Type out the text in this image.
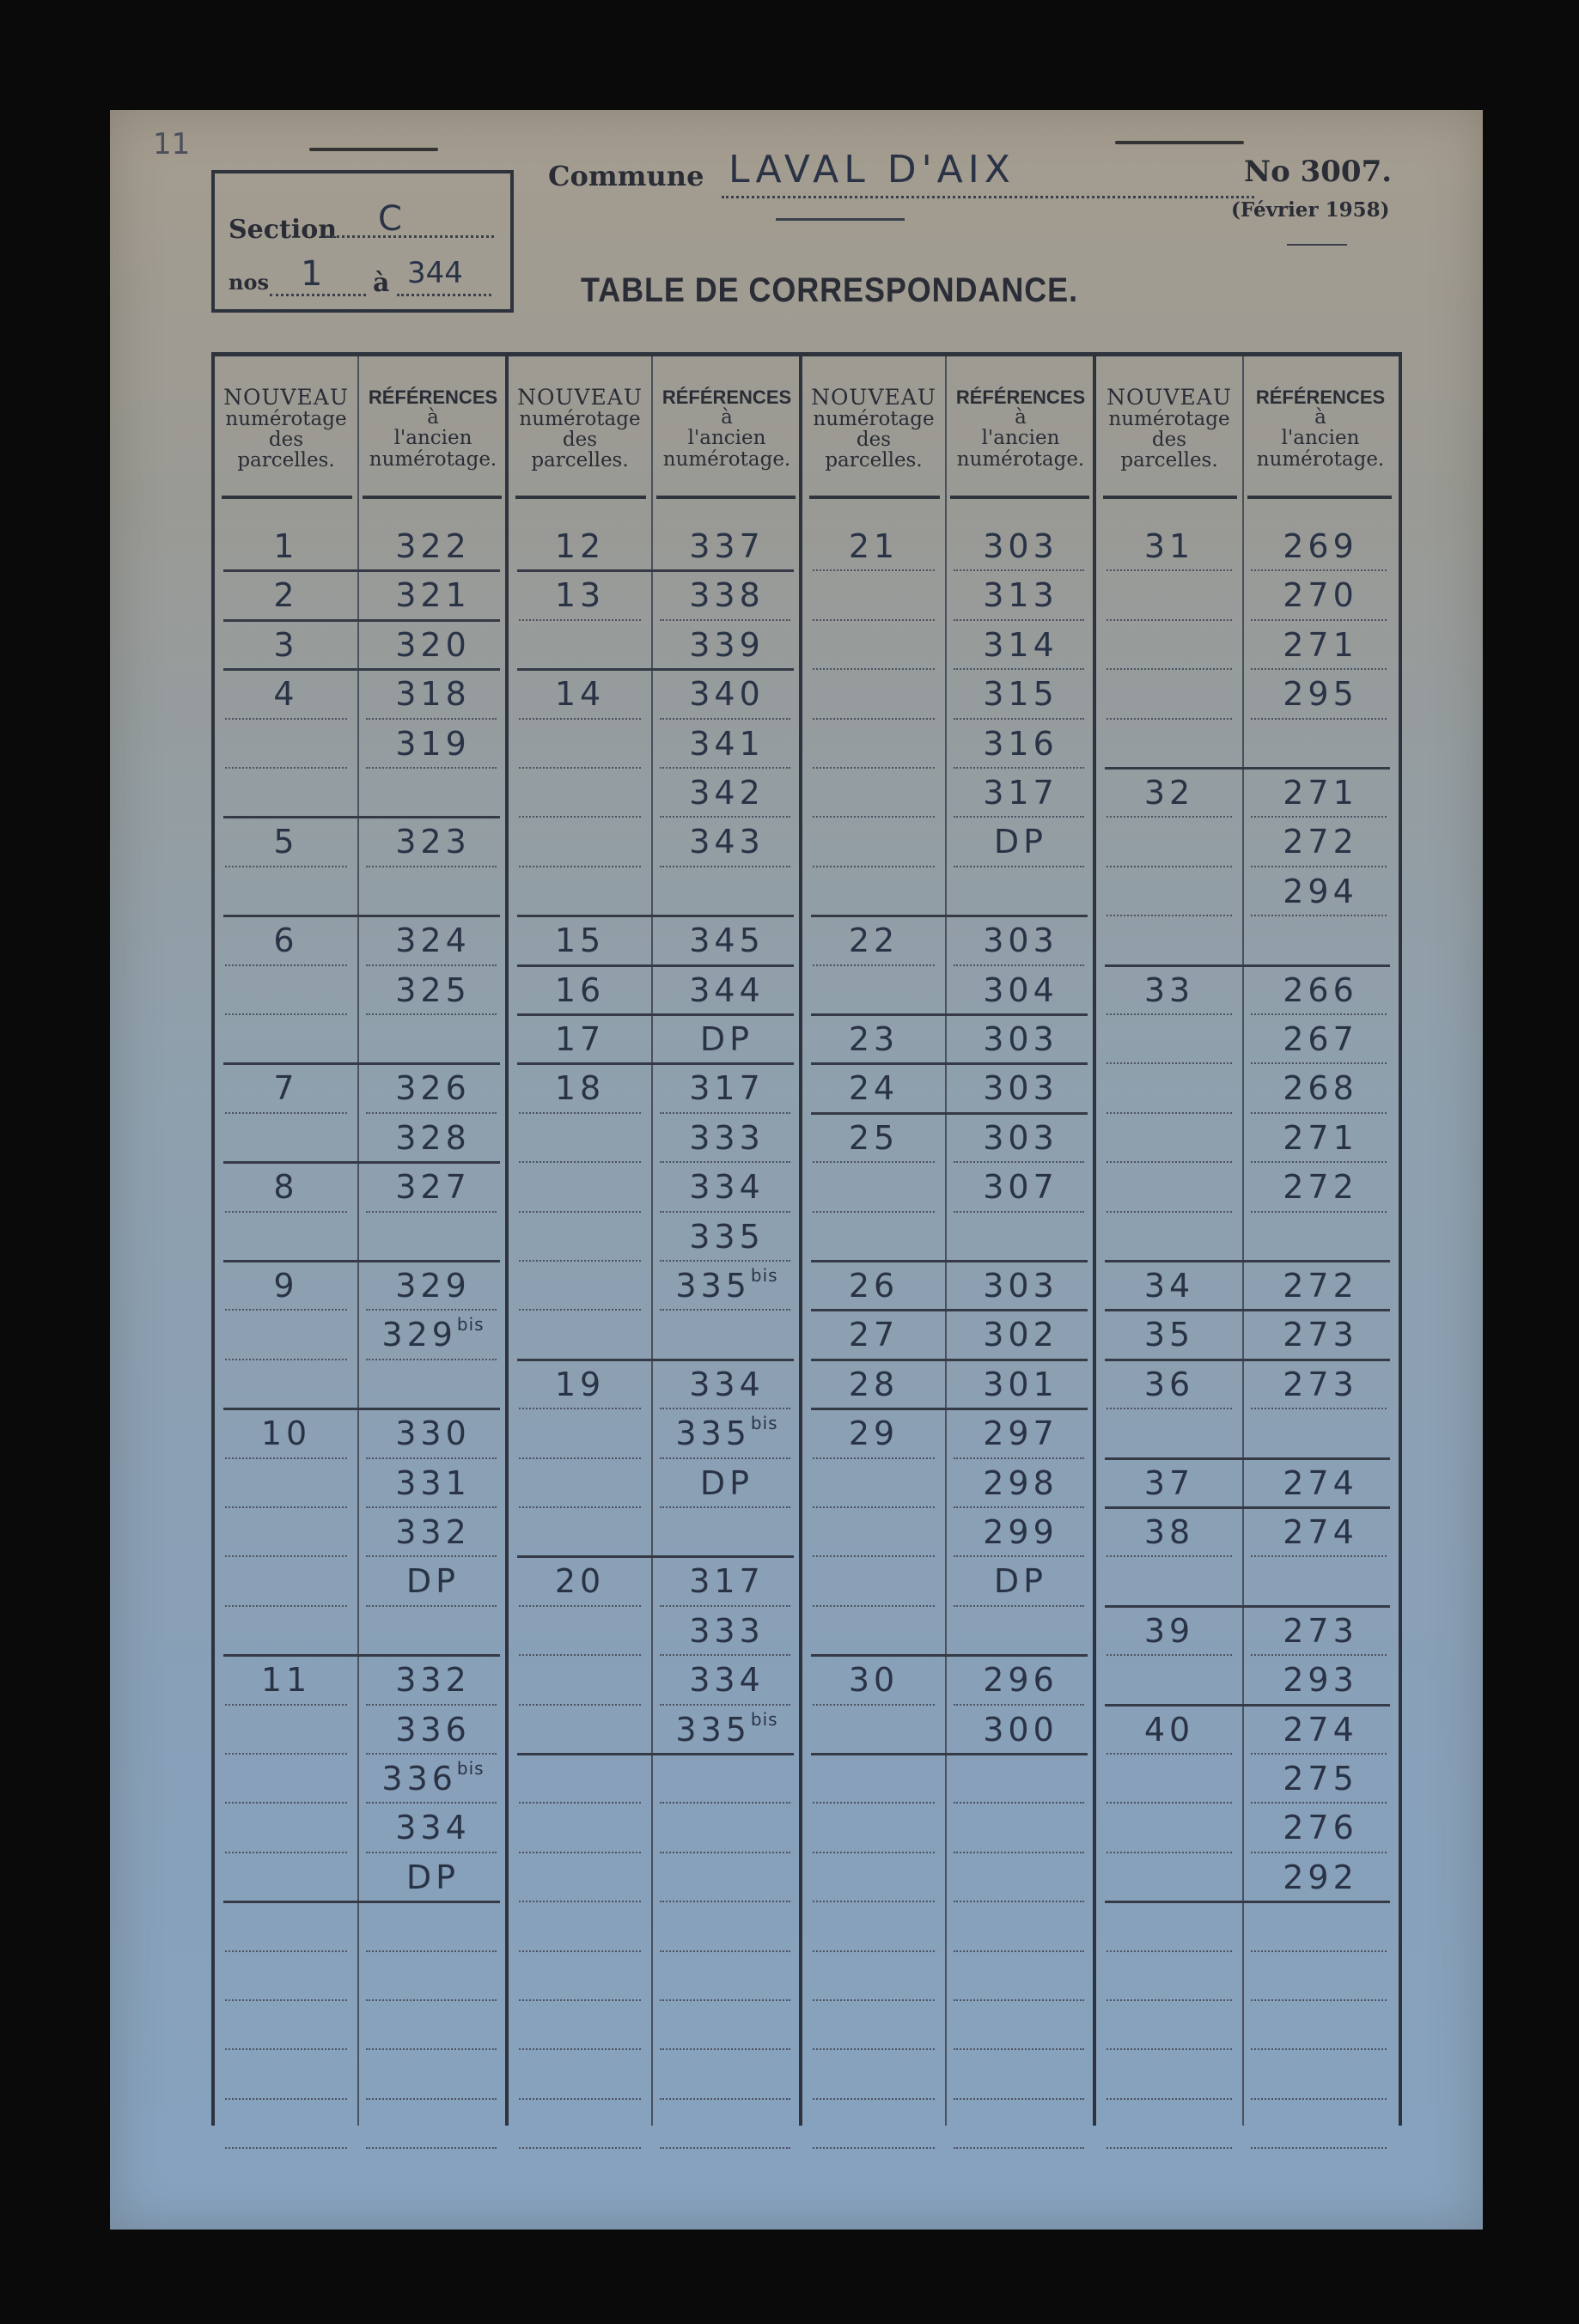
11
Section C
nos 1 à 344
Commune LAVAL D'AIX	No 3007.
(Février 1958)
TABLE DE CORRESPONDANCE.
NOUVEAU
numérotage
des
parcelles.
RÉFÉRENCES
à
l'ancien
numérotage.
1	322
2	321
3	320
4	318
319
5	323
6	324
325
7	326
328
8	327
9	329
$329^{bis}$
10	330
331
332
DP
11	332
336
$336^{bis}$
334
DP
NOUVEAU
numérotage
des
parcelles.
RÉFÉRENCES
à
l'ancien
numérotage.
12	337
13	338
339
14	340
341
342
343
15	345
16	344
17	DP
18	317
333
334
335
$335^{bis}$
19	334
$335^{bis}$
DP
20	317
333
334
$335^{bis}$
NOUVEAU
numérotage
des
parcelles.
RÉFÉRENCES
à
l'ancien
numérotage.
21	303
313
314
315
316
317
DP
22	303
304
23	303
24	303
25	303
307
26	303
27	302
28	301
29	297
298
299
DP
30	296
300
NOUVEAU
numérotage
des
parcelles.
RÉFÉRENCES
à
l'ancien
numérotage.
31	269
270
271
295
32	271
272
294
33	266
267
268
271
272
34	272
35	273
36	273
37	274
38	274
39	273
293
40	274
275
276
292
